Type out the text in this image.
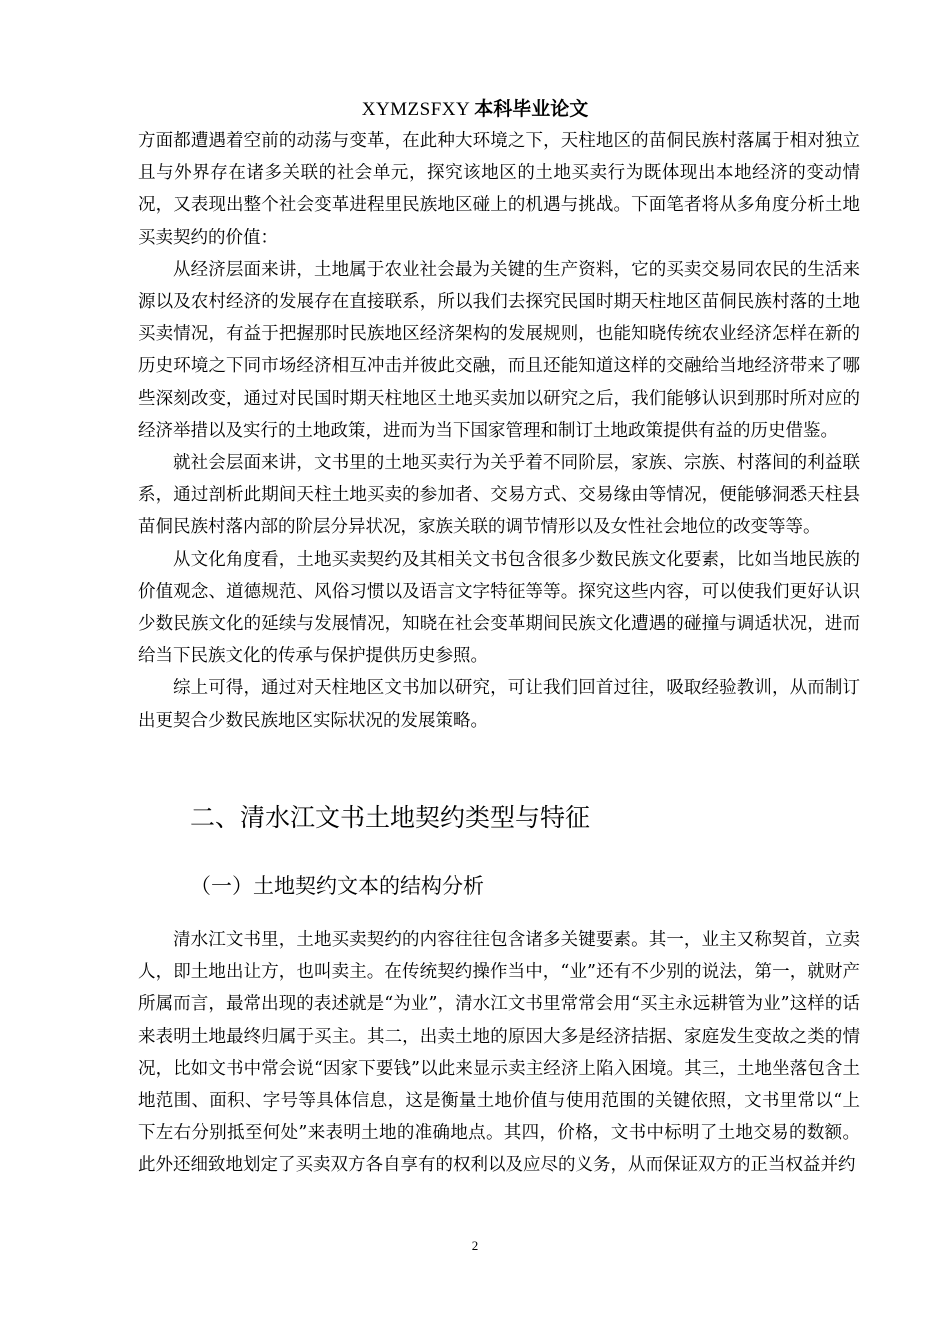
XYMZSFXY 本科毕业论文

方面都遭遇着空前的动荡与变革，在此种大环境之下，天柱地区的苗侗民族村落属于相对独立且与外界存在诸多关联的社会单元，探究该地区的土地买卖行为既体现出本地经济的变动情况，又表现出整个社会变革进程里民族地区碰上的机遇与挑战。下面笔者将从多角度分析土地买卖契约的价值：

从经济层面来讲，土地属于农业社会最为关键的生产资料，它的买卖交易同农民的生活来源以及农村经济的发展存在直接联系，所以我们去探究民国时期天柱地区苗侗民族村落的土地买卖情况，有益于把握那时民族地区经济架构的发展规则，也能知晓传统农业经济怎样在新的历史环境之下同市场经济相互冲击并彼此交融，而且还能知道这样的交融给当地经济带来了哪些深刻改变，通过对民国时期天柱地区土地买卖加以研究之后，我们能够认识到那时所对应的经济举措以及实行的土地政策，进而为当下国家管理和制订土地政策提供有益的历史借鉴。

就社会层面来讲，文书里的土地买卖行为关乎着不同阶层，家族、宗族、村落间的利益联系，通过剖析此期间天柱土地买卖的参加者、交易方式、交易缘由等情况，便能够洞悉天柱县苗侗民族村落内部的阶层分异状况，家族关联的调节情形以及女性社会地位的改变等等。

从文化角度看，土地买卖契约及其相关文书包含很多少数民族文化要素，比如当地民族的价值观念、道德规范、风俗习惯以及语言文字特征等等。探究这些内容，可以使我们更好认识少数民族文化的延续与发展情况，知晓在社会变革期间民族文化遭遇的碰撞与调适状况，进而给当下民族文化的传承与保护提供历史参照。

综上可得，通过对天柱地区文书加以研究，可让我们回首过往，吸取经验教训，从而制订出更契合少数民族地区实际状况的发展策略。

二、清水江文书土地契约类型与特征
（一）土地契约文本的结构分析

清水江文书里，土地买卖契约的内容往往包含诸多关键要素。其一，业主又称契首，立卖人，即土地出让方，也叫卖主。在传统契约操作当中，“业”还有不少别的说法，第一，就财产所属而言，最常出现的表述就是“为业”，清水江文书里常常会用“买主永远耕管为业”这样的话来表明土地最终归属于买主。其二，出卖土地的原因大多是经济拮据、家庭发生变故之类的情况，比如文书中常会说“因家下要钱”以此来显示卖主经济上陷入困境。其三，土地坐落包含土地范围、面积、字号等具体信息，这是衡量土地价值与使用范围的关键依照，文书里常以“上下左右分别抵至何处”来表明土地的准确地点。其四，价格，文书中标明了土地交易的数额。此外还细致地划定了买卖双方各自享有的权利以及应尽的义务，从而保证双方的正当权益并约

2
